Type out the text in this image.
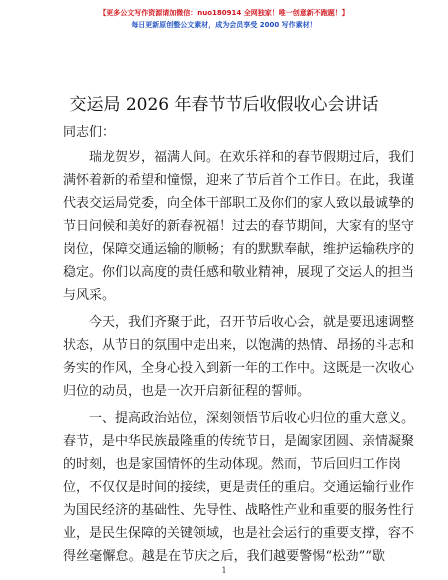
【更多公文写作资源请加微信：nuo180914 全网独家！唯一创意新不跑题！】
每日更新原创整公文素材，成为会员享受 2000 写作素材！
交运局 2026 年春节节后收假收心会讲话
同志们：
瑞龙贺岁，福满人间。在欢乐祥和的春节假期过后，我们
满怀着新的希望和憧憬，迎来了节后首个工作日。在此，我谨
代表交运局党委，向全体干部职工及你们的家人致以最诚挚的
节日问候和美好的新春祝福！过去的春节期间，大家有的坚守
岗位，保障交通运输的顺畅；有的默默奉献，维护运输秩序的
稳定。你们以高度的责任感和敬业精神，展现了交运人的担当
与风采。
今天，我们齐聚于此，召开节后收心会，就是要迅速调整
状态，从节日的氛围中走出来，以饱满的热情、昂扬的斗志和
务实的作风，全身心投入到新一年的工作中。这既是一次收心
归位的动员，也是一次开启新征程的誓师。
一、提高政治站位，深刻领悟节后收心归位的重大意义。
春节，是中华民族最隆重的传统节日，是阖家团圆、亲情凝聚
的时刻，也是家国情怀的生动体现。然而，节后回归工作岗
位，不仅仅是时间的接续，更是责任的重启。交通运输行业作
为国民经济的基础性、先导性、战略性产业和重要的服务性行
业，是民生保障的关键领域，也是社会运行的重要支撑，容不
得丝毫懈怠。越是在节庆之后，我们越要警惕“松劲”“歇
1
